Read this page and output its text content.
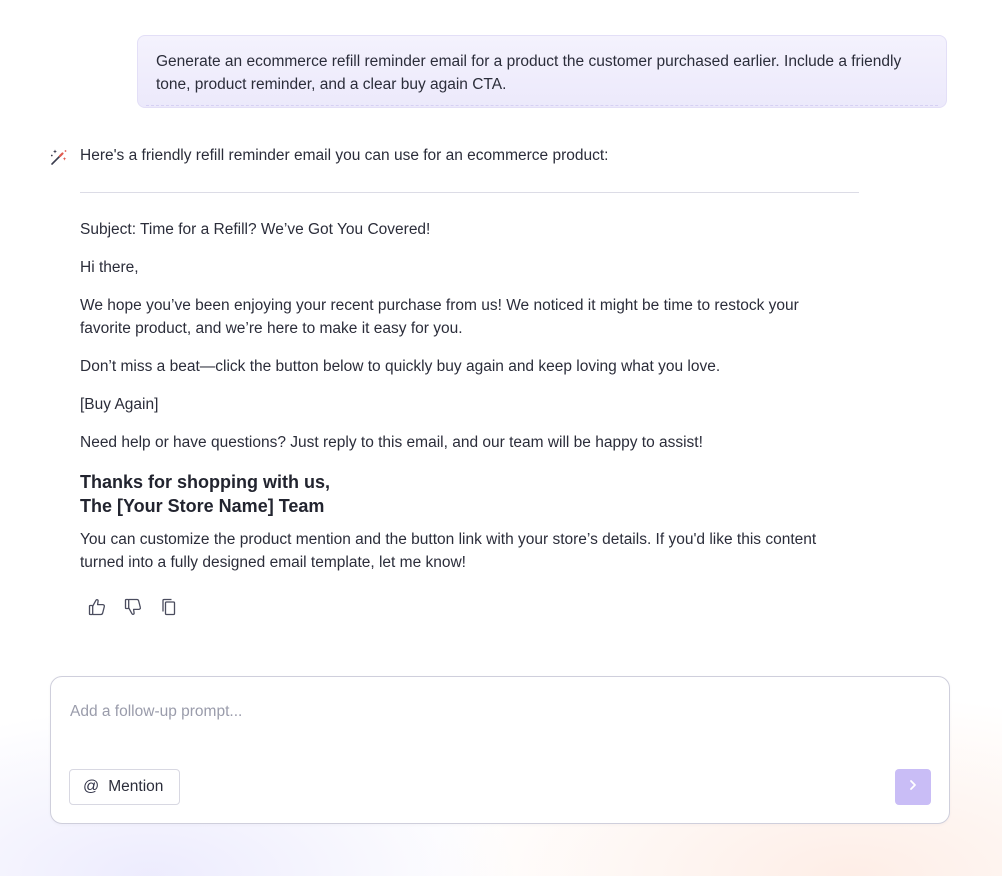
Generate an ecommerce refill reminder email for a product the customer purchased earlier. Include a friendly tone, product reminder, and a clear buy again CTA.
Here's a friendly refill reminder email you can use for an ecommerce product:
Subject: Time for a Refill? We’ve Got You Covered!
Hi there,
We hope you’ve been enjoying your recent purchase from us! We noticed it might be time to restock your favorite product, and we’re here to make it easy for you.
Don’t miss a beat—click the button below to quickly buy again and keep loving what you love.
[Buy Again]
Need help or have questions? Just reply to this email, and our team will be happy to assist!
Thanks for shopping with us,
The [Your Store Name] Team
You can customize the product mention and the button link with your store’s details. If you'd like this content turned into a fully designed email template, let me know!
Add a follow-up prompt...
@ Mention
